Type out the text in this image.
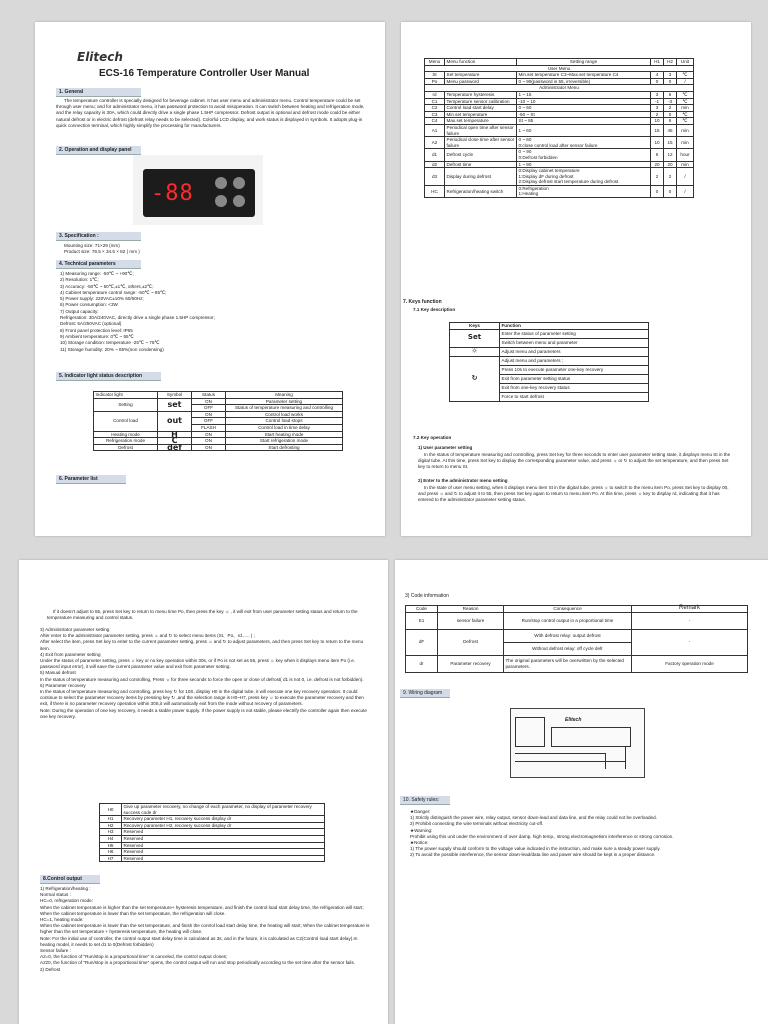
Elitech
ECS-16 Temperature Controller User Manual
1. General
The temperature controller is specially designed for beverage cabinet. It has user menu and administrator menu. Control temperature could be set through user menu; and for administrator menu, it has password protection to avoid misoperation. It can switch between heating and refrigeration mode, and the relay capacity is 30A, which could directly drive a single phase 1.5HP compressor. Defrost output is optional and defrost mode could be either natural defrost or in electric defrost (defrost relay needs to be selected). Colorful LCD display, and work status is displayed in symbols. It adopts plug-in quick connection terminal, which highly simplify the processing for manufacturers.
2. Operation and display panel
-88
3. Specification :
Mounting size: 71×29 (mm)
Product size: 78.5 × 34.5 × 82 ( mm )
4. Technical parameters
1) Measuring range: -50℃ ~ +90℃;
2) Resolution: 1℃;
3) Accuracy: -50℃ ~ 50℃,±1℃, others,±2℃;
4) Cabinet temperature control range: -50℃ ~ 85℃;
5) Power supply: 220VAC±10% 50/60Hz;
6) Power consumption: <3W
7) Output capacity:
Refrigeration: 30A/240VAC, directly drive a single phase 1.5HP compressor;
Defrost: 5A/250VAC (optional)
8) Front panel protection level: IP65
9) Ambient temperature: 0℃ ~ 55℃
10) Storage condition: temperature -25℃ ~ 75℃
11) Storage humidity: 20% ~ 85%(non condensing)
5. Indicator light status description
Indicator light	Symbol	Status	Meaning
Setting	set	ON	Parameter setting
		OFF	Status of temperature measuring and controlling
Control load	out	ON	Control load works
		OFF	Control load stops
		FLASH	Control load in time delay
Heating mode	H	ON	Start heating mode
Refrigeration mode	C	ON	Start refrigeration mode
Defrost	def	ON	Start defrosting
6. Parameter list
Menu	Menu function	Setting range	H1	H2	Unit
User Menu					
St	Set temperature	Min.set temperature C3~Max.set temperature C4	4	3	℃
Po	Menu password	0 ~ 99(password is 55, irreversible)	0	0	/
Administrator Menu					
rd	Temperature hysteresis	1 ~ 15	3	6	℃
C1	Temperature sensor calibration	-10 ~ 10	-1	-3	℃
C2	Control load start delay	0 ~ 60	3	2	min
C3	Min.set temperature	-50 ~ St	2	0	℃
C4	Max.set temperature	St ~ 85	10	6	℃
A1	Periodical open time after sensor failure	1 ~ 60	15	45	min
A2	Periodical close time after sensor failure	0 ~ 60
0:close control load after sensor failure	10	15	min
d1	Defrost cycle	0 ~ 90
0:Defrost forbidden	6	12	hour
d2	Defrost time	1 ~ 90	20	20	min
d3	Display during defrost	0:Display cabinet temperature
1:Display dF during defrost
2:Display defrost start temperature during defrost	2	2	/
HC	Refrigeration/heating switch	0:Refrigeration
1:Heating	0	0	/
7. Keys function
7.1 Key description
Keys	Function
Set	Enter the status of parameter setting
	Switch between menu and parameter
☼	Adjust menu and parameters
↻	Adjust menu and parameters ;
	Press 10s to execute parameter one-key recovery
	Exit from parameter setting status
	Exit from one-key recovery status
	Force to start defrost
7.2 Key operation
1) User parameter setting
In the status of temperature measuring and controlling, press Set key for three seconds to enter user parameter setting state, it displays menu St in the digital tube. At this time, press Set key to display the corresponding parameter value, and press ☼ or ↻ to adjust the set temperature, and then press Set key to return to menu St.
2) Enter to the administrator menu setting
In the state of user menu setting, when it displays menu item St in the digital tube, press ☼ to switch to the menu item Po, press Set key to display 00, and press ☼ and ↻ to adjust it to 55, then press Set key again to return to menu item Po. At this time, press ☼ key to display rd, indicating that it has entered to the administrator parameter setting status.
If it doesn't adjust to 55, press Set key to return to menu time Po, then press the key ☼ , it will exit from user parameter setting status and return to the temperature measuring and control status.
3) Administrator parameter setting
After enter to the administrator parameter setting, press ☼ and ↻ to select menu items (St、Po、rd...... ) ;
After select the item, press Set key to enter to the current parameter setting, press ☼ and ↻ to adjust parameters, and then press Set key to return to the menu item.
4) Exit from parameter setting
Under the status of parameter setting, press ☼ key or no key operation within 30s, or if Po is not set as 55, press ☼ key when it displays menu item Po (i.e. password input error), it will save the current parameter value and exit from parameter setting.
5) Manual defrost
In the status of temperature measuring and controlling, Press ☼ for three seconds to force the open or close of defrost( d1 is not 0, i.e. defrost is not forbidden).
6) Parameter recovery
In the status of temperature measuring and controlling, press key ↻ for 10S, display H0 in the digital tube, it will execute one key recovery operation. It could continue to select the parameter recovery items by pressing key ↻ ,and the selection range is H0~H7, press key ☼ to execute the parameter recovery and then exit, if there is no parameter recovery operation within 30S,it will automatically exit from the mode without recovery of parameters.
Note: During the operation of one key recovery, it needs a stable power supply. If the power supply is not stable, please electrify the controller again then execute one key recovery.
H0	Give up parameter recovery, no change of each parameter, no display of parameter recovery success code dr
H1	Recovery parameter H1, recovery success display dr
H2	Recovery parameter H2, recovery success display dr
H3	Reserved
H4	Reserved
H5	Reserved
H6	Reserved
H7	Reserved
8.Control output
1) Refrigeration/heating :
Normal status :
HC=0, refrigeration mode:
When the cabinet temperature is higher than the set temperature+ hysteresis temperature, and finish the control load start delay time, the refrigeration will start; When the cabinet temperature is lower than the set temperature, the refrigeration will close.
HC=1, heating mode:
When the cabinet temperature is lower than the set temperature, and finish the control load start delay time, the heating will start; When the cabinet temperature is higher than the set temperature + hysteresis temperature, the heating will close.
Note: For the initial use of controller, the control output start delay time is calculated as 3s, and in the future, it is calculated as C2(Control load start delay).In heating model, it needs to set d1 to 0(Defrost forbidden)
Sensor failure :
A2=0, the function of "Run/stop in a proportional time" is canceled, the control output closes;
A2≠0, the function of "Run/stop in a proportional time" opens, the control output will run and stop periodically according to the set time after the sensor fails.
2) Defrost
3) Code information
Code	Reason	Consequence	Remark
E1	sensor failure	Run/stop control output in a proportional time	-
dF	Defrost	With defrost relay: output defrost	-
		Without defrost relay: off cycle defr	
dr	Parameter recovery	The original parameters will be overwritten by the selected parameters.	Factory operation mode
9. Wiring diagram
Elitech
10. Safety rules:
★Danger:
1) Strictly distinguish the power wire, relay output, sensor down-lead and data line, and the relay could not be overloaded.
2) Prohibit connecting the wire terminals without electricity cut-off.
★Warning:
Prohibit using this unit under the environment of over damp, high temp., strong electromagnetism interference or strong corrosion.
★Notice:
1) The power supply should conform to the voltage value indicated in the instruction, and make sure a steady power supply.
2) To avoid the possible interference, the sensor down-lead/data line and power wire should be kept in a proper distance.
